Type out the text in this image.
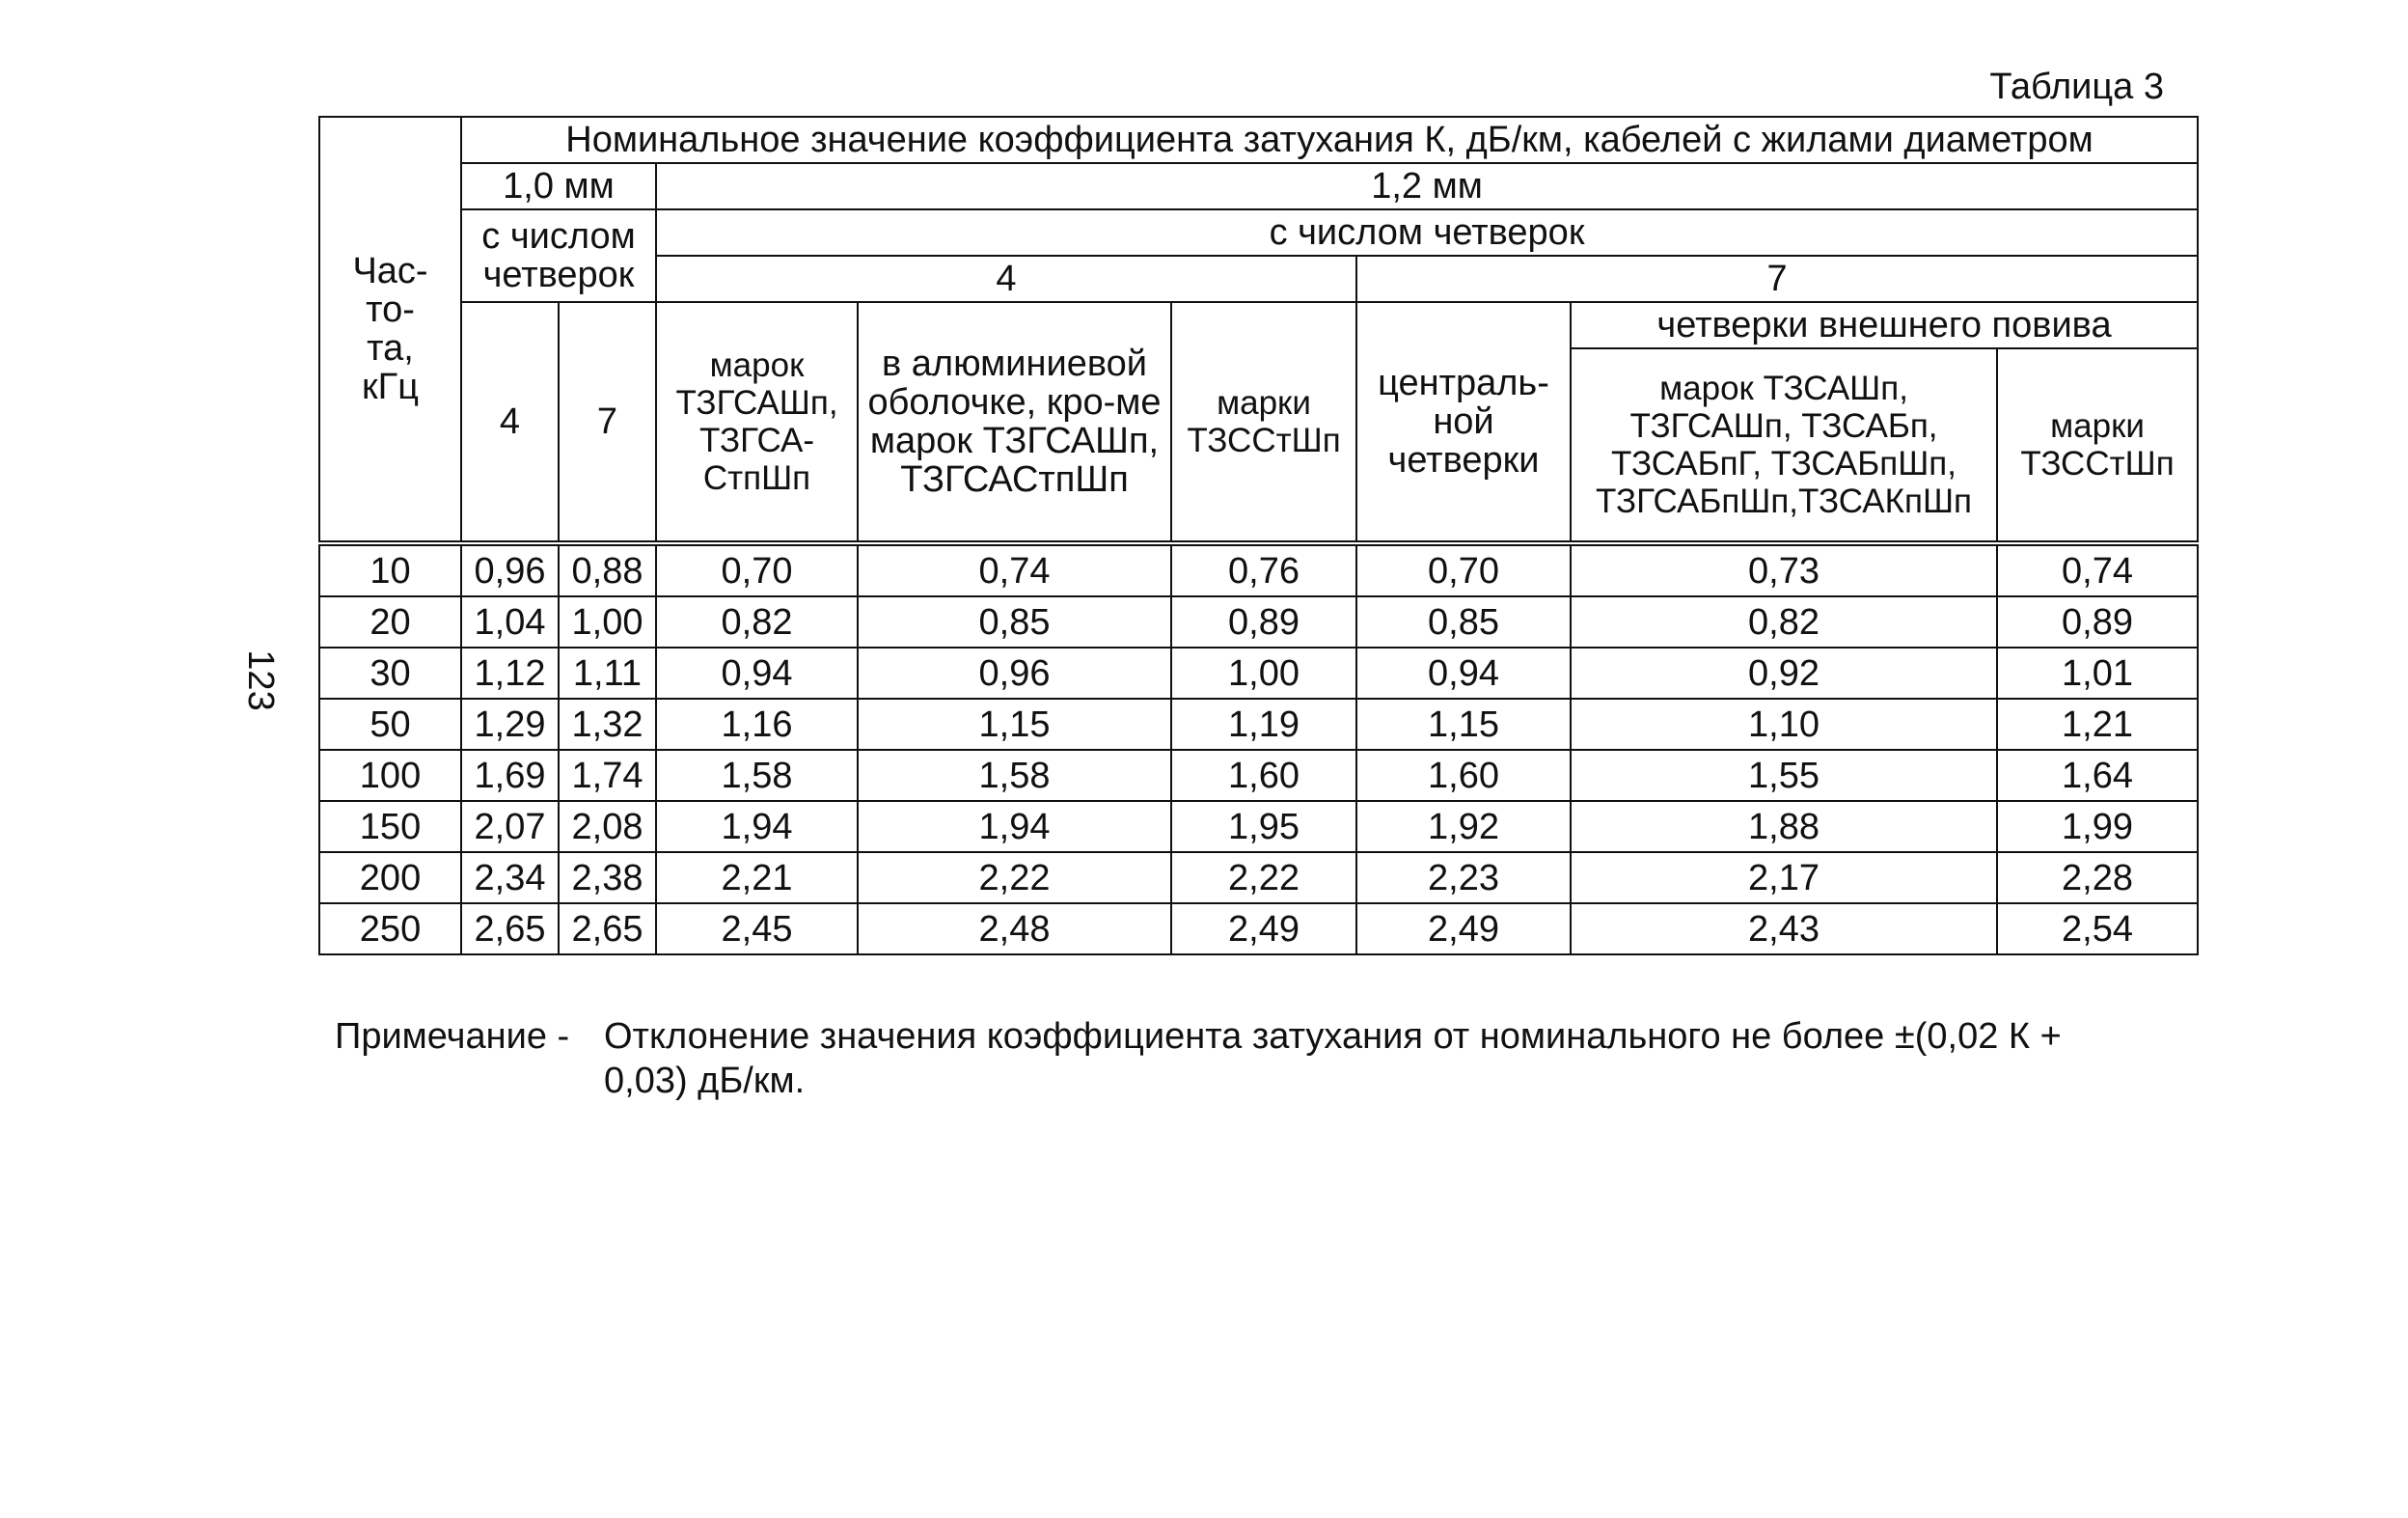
Таблица 3
123
Час-
то-
та,
кГц	Номинальное значение коэффициента затухания К, дБ/км, кабелей с жилами диаметром							
	1,0 мм		1,2 мм					
	с числом четверок		с числом четверок					
			4			7		
	4	7	марок ТЗГСАШп, ТЗГСА-СтпШп	в алюминиевой оболочке, кро-ме марок ТЗГСАШп, ТЗГСАСтпШп	марки ТЗССтШп	централь-ной четверки	четверки внешнего повива	
							марок ТЗСАШп, ТЗГСАШп, ТЗСАБп, ТЗСАБпГ, ТЗСАБпШп, ТЗГСАБпШп,ТЗСАКпШп	марки ТЗССтШп
10	0,96	0,88	0,70	0,74	0,76	0,70	0,73	0,74
20	1,04	1,00	0,82	0,85	0,89	0,85	0,82	0,89
30	1,12	1,11	0,94	0,96	1,00	0,94	0,92	1,01
50	1,29	1,32	1,16	1,15	1,19	1,15	1,10	1,21
100	1,69	1,74	1,58	1,58	1,60	1,60	1,55	1,64
150	2,07	2,08	1,94	1,94	1,95	1,92	1,88	1,99
200	2,34	2,38	2,21	2,22	2,22	2,23	2,17	2,28
250	2,65	2,65	2,45	2,48	2,49	2,49	2,43	2,54
Примечание - Отклонение значения коэффициента затухания от номинального не более ±(0,02 К + 0,03) дБ/км.
